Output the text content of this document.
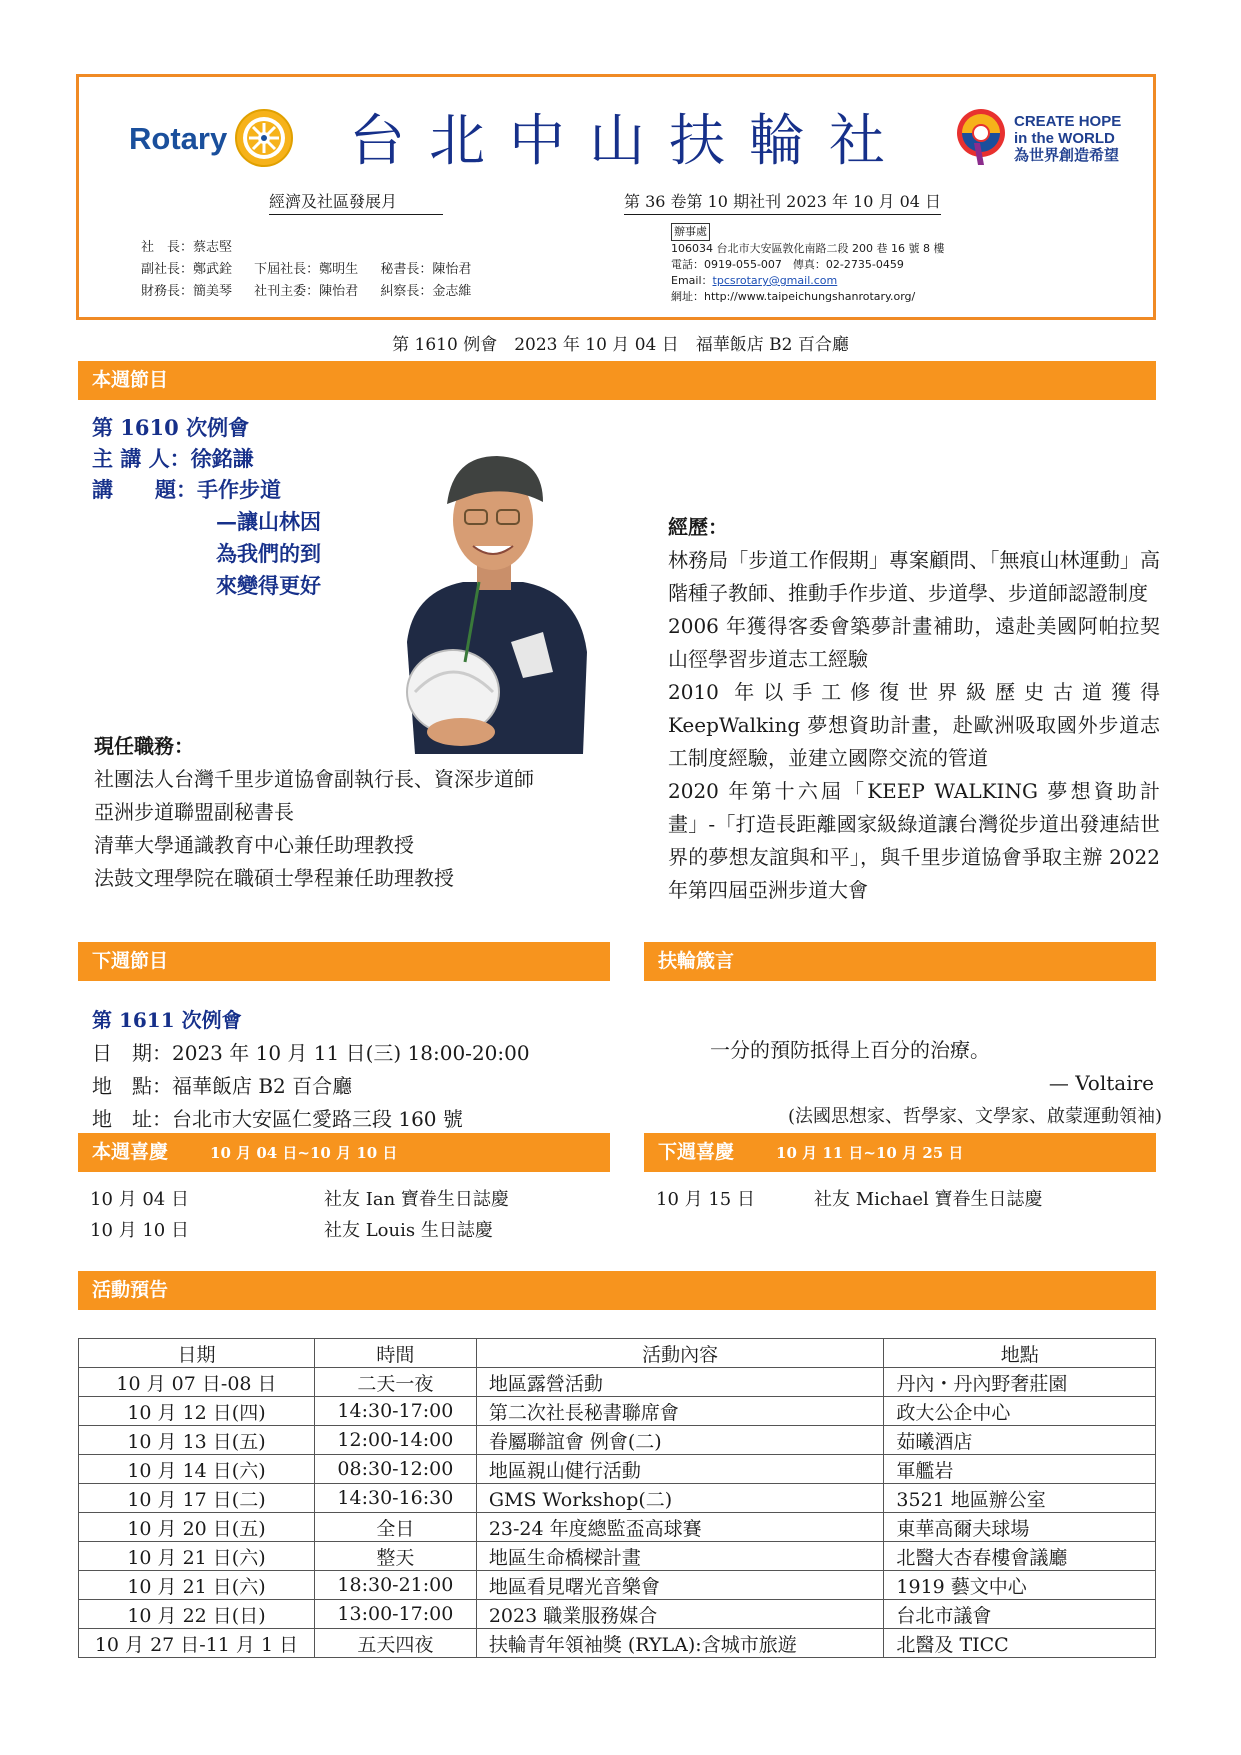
Rotary	台北中山扶輪社	CREATE HOPE
in the WORLD
為世界創造希望
經濟及社區發展月	第 36 卷第 10 期社刊 2023 年 10 月 04 日
社　長：蔡志堅
副社長：鄭武銓 下屆社長：鄭明生 秘書長：陳怡君
財務長：簡美琴 社刊主委：陳怡君 糾察長：金志維
辦事處
106034 台北市大安區敦化南路二段 200 巷 16 號 8 樓
電話：0919-055-007　傳真：02-2735-0459
Email：tpcsrotary@gmail.com
網址：http://www.taipeichungshanrotary.org/
第 1610 例會　2023 年 10 月 04 日　福華飯店 B2 百合廳
本週節目
第 1610 次例會
主 講 人：徐銘謙
講　　題：手作步道
—讓山林因
為我們的到
來變得更好
現任職務：
社團法人台灣千里步道協會副執行長、資深步道師
亞洲步道聯盟副秘書長
清華大學通識教育中心兼任助理教授
法鼓文理學院在職碩士學程兼任助理教授
經歷：
林務局「步道工作假期」專案顧問、「無痕山林運動」高階種子教師、推動手作步道、步道學、步道師認證制度
2006 年獲得客委會築夢計畫補助，遠赴美國阿帕拉契山徑學習步道志工經驗
2010 年以手工修復世界級歷史古道獲得 KeepWalking 夢想資助計畫，赴歐洲吸取國外步道志工制度經驗，並建立國際交流的管道
2020 年第十六屆「KEEP WALKING 夢想資助計畫」-「打造長距離國家級綠道讓台灣從步道出發連結世界的夢想友誼與和平」，與千里步道協會爭取主辦 2022 年第四屆亞洲步道大會
下週節目	扶輪箴言
第 1611 次例會
日　期：2023 年 10 月 11 日(三) 18:00-20:00
地　點：福華飯店 B2 百合廳
地　址：台北市大安區仁愛路三段 160 號
一分的預防抵得上百分的治療。
— Voltaire
(法國思想家、哲學家、文學家、啟蒙運動領袖)
本週喜慶	10 月 04 日~10 月 10 日	下週喜慶	10 月 11 日~10 月 25 日
10 月 04 日	社友 Ian 寶眷生日誌慶
10 月 10 日	社友 Louis 生日誌慶
10 月 15 日	社友 Michael 寶眷生日誌慶
活動預告
日期	時間	活動內容	地點
10 月 07 日-08 日	二天一夜	地區露營活動	丹內・丹內野奢莊園
10 月 12 日(四)	14:30-17:00	第二次社長秘書聯席會	政大公企中心
10 月 13 日(五)	12:00-14:00	眷屬聯誼會 例會(二)	茹曦酒店
10 月 14 日(六)	08:30-12:00	地區親山健行活動	軍艦岩
10 月 17 日(二)	14:30-16:30	GMS Workshop(二)	3521 地區辦公室
10 月 20 日(五)	全日	23-24 年度總監盃高球賽	東華高爾夫球場
10 月 21 日(六)	整天	地區生命橋樑計畫	北醫大杏春樓會議廳
10 月 21 日(六)	18:30-21:00	地區看見曙光音樂會	1919 藝文中心
10 月 22 日(日)	13:00-17:00	2023 職業服務媒合	台北市議會
10 月 27 日-11 月 1 日	五天四夜	扶輪青年領袖獎 (RYLA):含城市旅遊	北醫及 TICC
